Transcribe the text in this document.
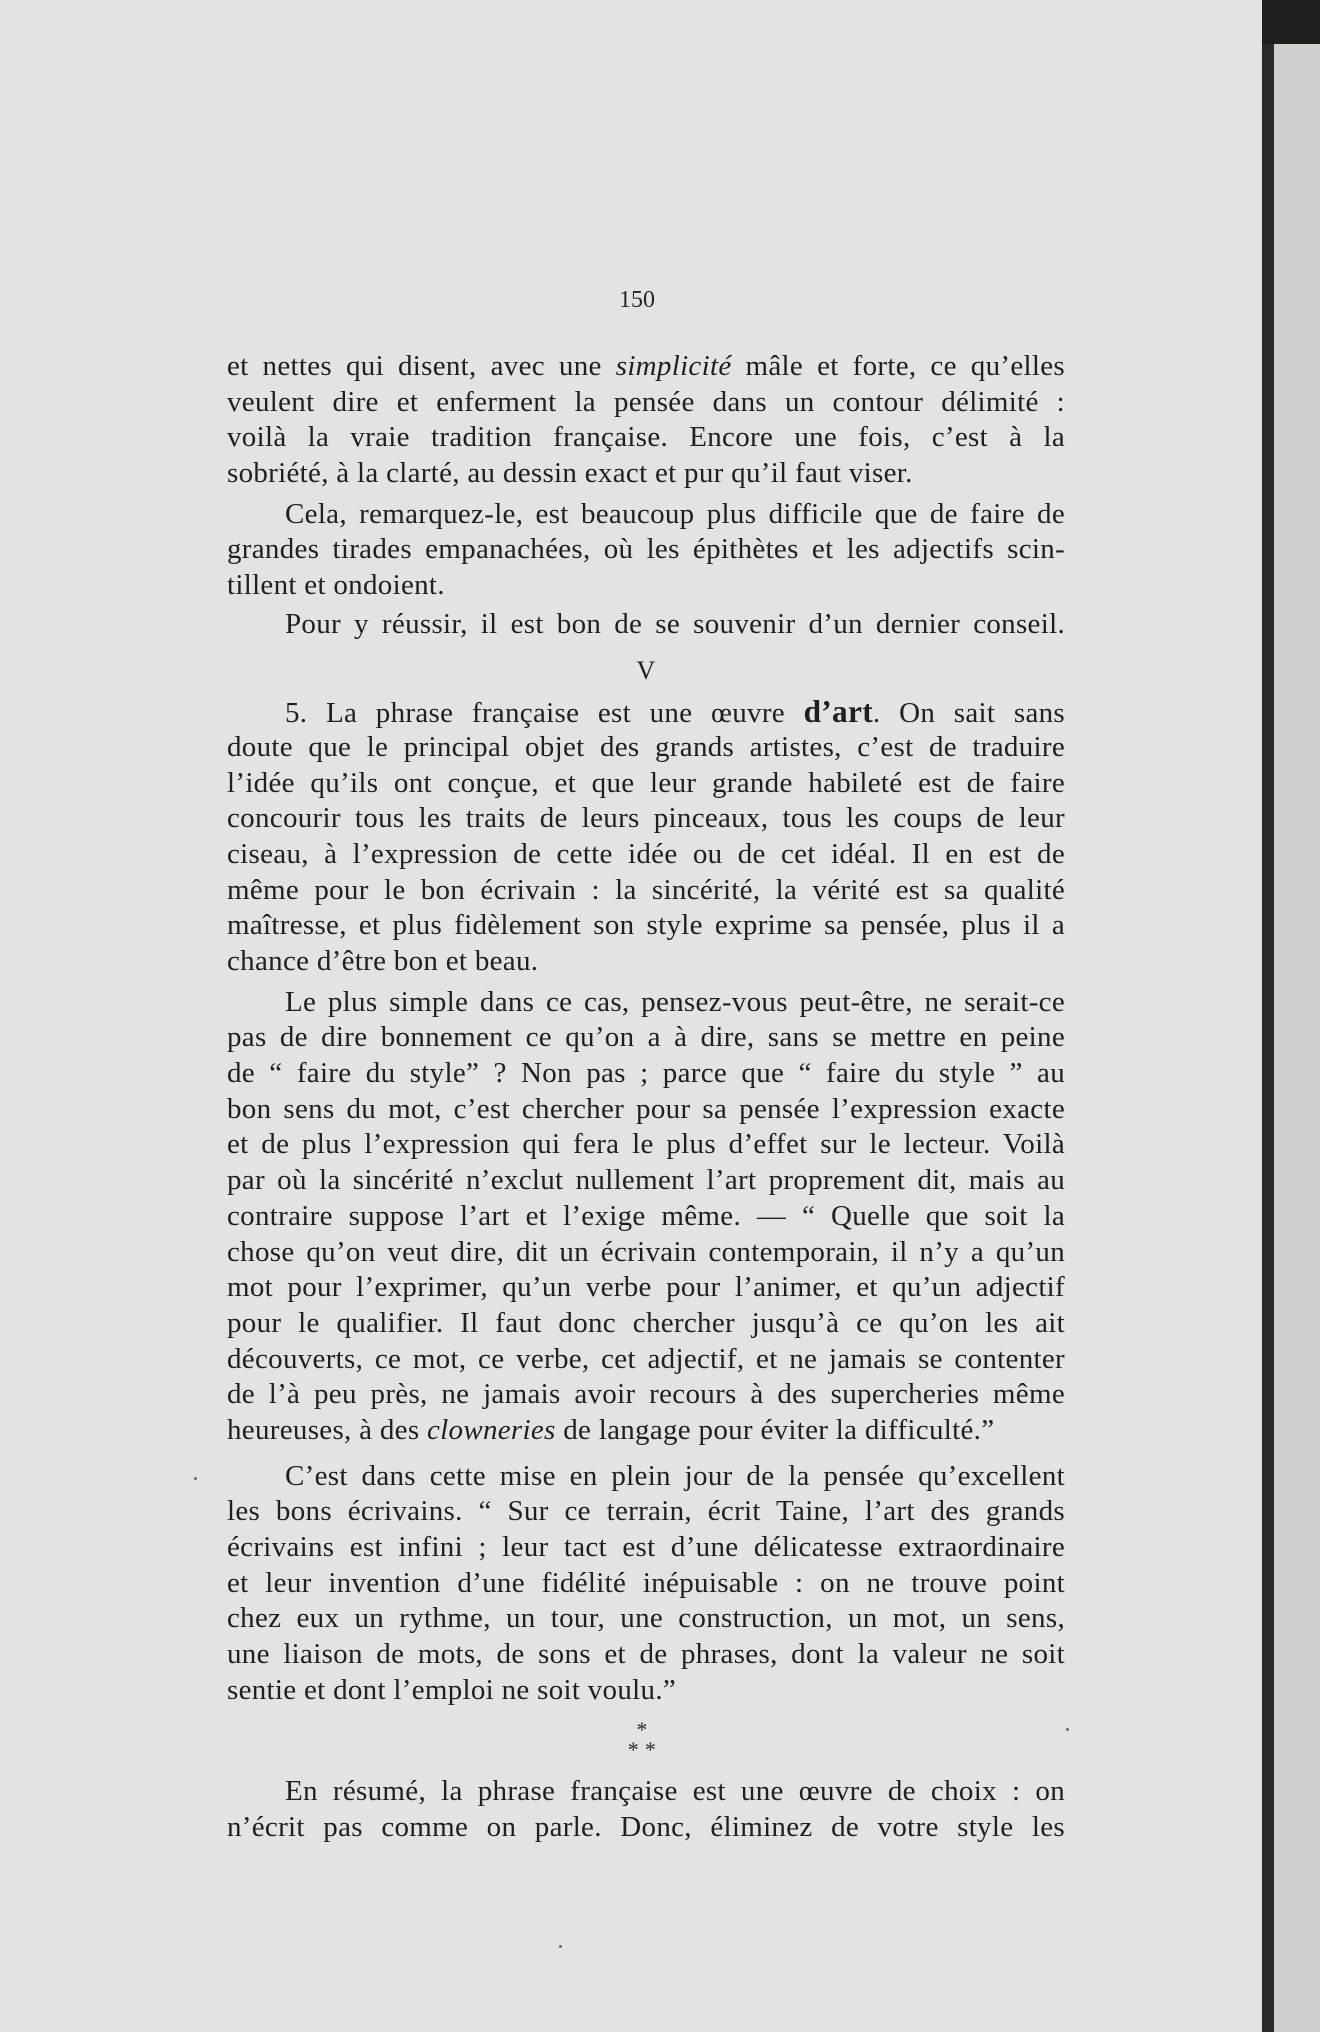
150
et nettes qui disent, avec une simplicité mâle et forte, ce qu’elles
veulent dire et enferment la pensée dans un contour délimité :
voilà la vraie tradition française. Encore une fois, c’est à la
sobriété, à la clarté, au dessin exact et pur qu’il faut viser.
Cela, remarquez-le, est beaucoup plus difficile que de faire de
grandes tirades empanachées, où les épithètes et les adjectifs scin-
tillent et ondoient.
Pour y réussir, il est bon de se souvenir d’un dernier conseil.
V
5. La phrase française est une œuvre d’art. On sait sans
doute que le principal objet des grands artistes, c’est de traduire
l’idée qu’ils ont conçue, et que leur grande habileté est de faire
concourir tous les traits de leurs pinceaux, tous les coups de leur
ciseau, à l’expression de cette idée ou de cet idéal. Il en est de
même pour le bon écrivain : la sincérité, la vérité est sa qualité
maîtresse, et plus fidèlement son style exprime sa pensée, plus il a
chance d’être bon et beau.
Le plus simple dans ce cas, pensez-vous peut-être, ne serait-ce
pas de dire bonnement ce qu’on a à dire, sans se mettre en peine
de “ faire du style” ? Non pas ; parce que “ faire du style ” au
bon sens du mot, c’est chercher pour sa pensée l’expression exacte
et de plus l’expression qui fera le plus d’effet sur le lecteur. Voilà
par où la sincérité n’exclut nullement l’art proprement dit, mais au
contraire suppose l’art et l’exige même. — “ Quelle que soit la
chose qu’on veut dire, dit un écrivain contemporain, il n’y a qu’un
mot pour l’exprimer, qu’un verbe pour l’animer, et qu’un adjectif
pour le qualifier. Il faut donc chercher jusqu’à ce qu’on les ait
découverts, ce mot, ce verbe, cet adjectif, et ne jamais se contenter
de l’à peu près, ne jamais avoir recours à des supercheries même
heureuses, à des clowneries de langage pour éviter la difficulté.”
C’est dans cette mise en plein jour de la pensée qu’excellent
les bons écrivains. “ Sur ce terrain, écrit Taine, l’art des grands
écrivains est infini ; leur tact est d’une délicatesse extraordinaire
et leur invention d’une fidélité inépuisable : on ne trouve point
chez eux un rythme, un tour, une construction, un mot, un sens,
une liaison de mots, de sons et de phrases, dont la valeur ne soit
sentie et dont l’emploi ne soit voulu.”
*
* *
En résumé, la phrase française est une œuvre de choix : on
n’écrit pas comme on parle. Donc, éliminez de votre style les
